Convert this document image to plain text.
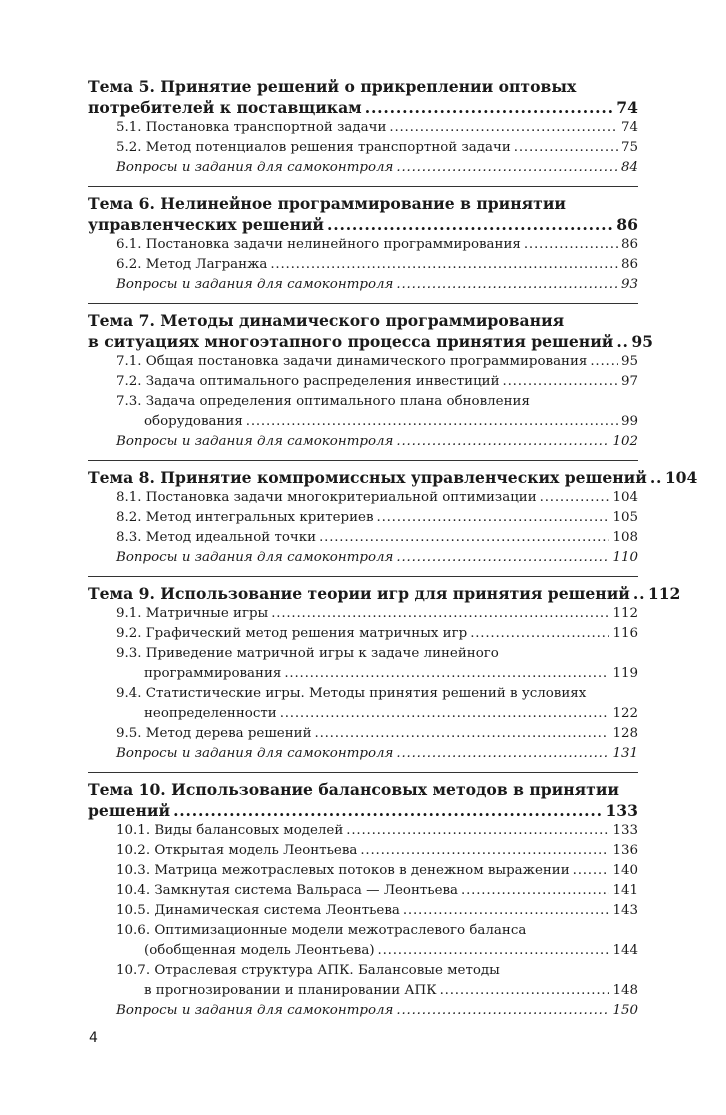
Тема 5. Принятие решений о прикреплении оптовых
потребителей к поставщикам .....	74
5.1. Постановка транспортной задачи .....	74
5.2. Метод потенциалов решения транспортной задачи .....	75
Вопросы и задания для самоконтроля .....	84
Тема 6. Нелинейное программирование в принятии
управленческих решений .....	86
6.1. Постановка задачи нелинейного программирования .....	86
6.2. Метод Лагранжа .....	86
Вопросы и задания для самоконтроля .....	93
Тема 7. Методы динамического программирования
в ситуациях многоэтапного процесса принятия решений ..... 95
7.1. Общая постановка задачи динамического программирования .....	95
7.2. Задача оптимального распределения инвестиций .....	97
7.3. Задача определения оптимального плана обновления
оборудования .....	99
Вопросы и задания для самоконтроля .....	102
Тема 8. Принятие компромиссных управленческих решений ..... 104
8.1. Постановка задачи многокритериальной оптимизации .....	104
8.2. Метод интегральных критериев .....	105
8.3. Метод идеальной точки .....	108
Вопросы и задания для самоконтроля .....	110
Тема 9. Использование теории игр для принятия решений ..... 112
9.1. Матричные игры .....	112
9.2. Графический метод решения матричных игр .....	116
9.3. Приведение матричной игры к задаче линейного
программирования .....	119
9.4. Статистические игры. Методы принятия решений в условиях
неопределенности .....	122
9.5. Метод дерева решений .....	128
Вопросы и задания для самоконтроля .....	131
Тема 10. Использование балансовых методов в принятии
решений .....	133
10.1. Виды балансовых моделей .....	133
10.2. Открытая модель Леонтьева .....	136
10.3. Матрица межотраслевых потоков в денежном выражении .....	140
10.4. Замкнутая система Вальраса — Леонтьева .....	141
10.5. Динамическая система Леонтьева .....	143
10.6. Оптимизационные модели межотраслевого баланса
(обобщенная модель Леонтьева) .....	144
10.7. Отраслевая структура АПК. Балансовые методы
в прогнозировании и планировании АПК .....	148
Вопросы и задания для самоконтроля .....	150
4
